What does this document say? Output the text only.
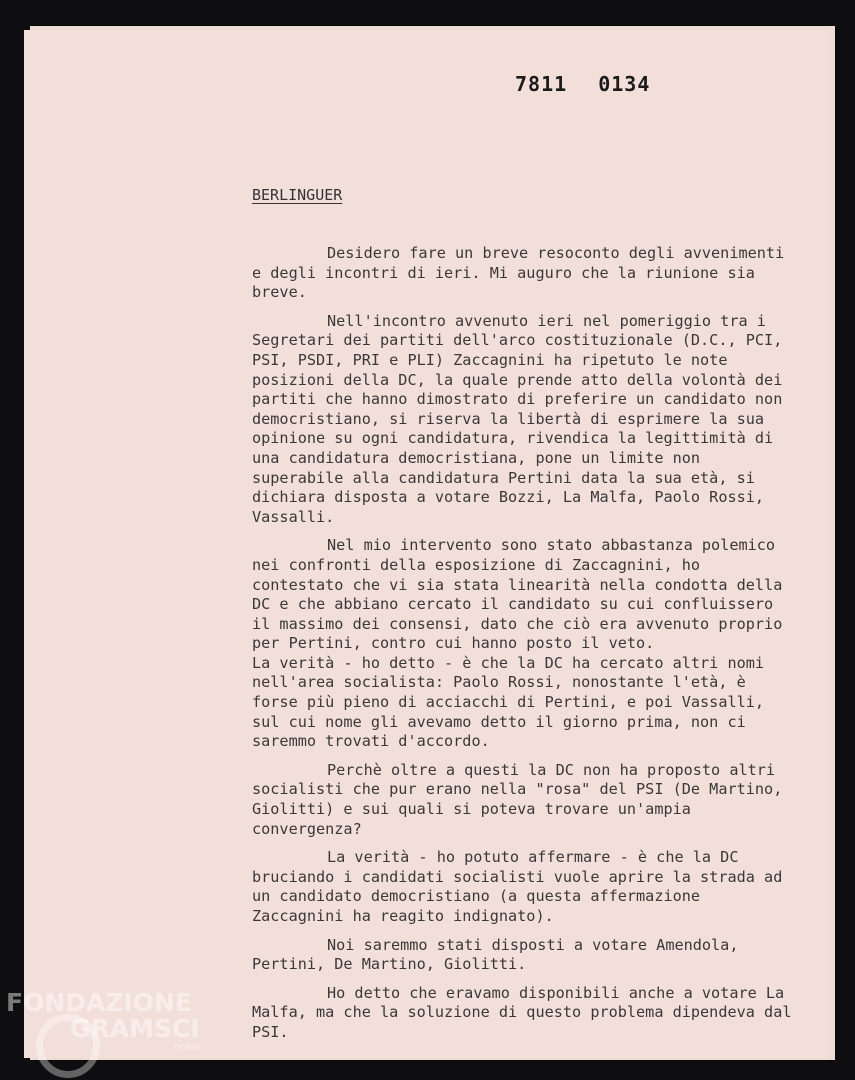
7811 0134
BERLINGUER

Desidero fare un breve resoconto degli avvenimenti e degli incontri di ieri. Mi auguro che la riunione sia breve.

Nell'incontro avvenuto ieri nel pomeriggio tra i Segretari dei partiti dell'arco costituzionale (D.C., PCI, PSI, PSDI, PRI e PLI) Zaccagnini ha ripetuto le note posizioni della DC, la quale prende atto della volontà dei partiti che hanno dimostrato di preferire un candidato non democristiano, si riserva la libertà di esprimere la sua opinione su ogni candidatura, rivendica la legittimità di una candidatura democristiana, pone un limite non superabile alla candidatura Pertini data la sua età, si dichiara disposta a votare Bozzi, La Malfa, Paolo Rossi, Vassalli.

Nel mio intervento sono stato abbastanza polemico nei confronti della esposizione di Zaccagnini, ho contestato che vi sia stata linearità nella condotta della DC e che abbiano cercato il candidato su cui confluissero il massimo dei consensi, dato che ciò era avvenuto proprio per Pertini, contro cui hanno posto il veto.

La verità - ho detto - è che la DC ha cercato altri nomi nell'area socialista: Paolo Rossi, nonostante l'età, è forse più pieno di acciacchi di Pertini, e poi Vassalli, sul cui nome gli avevamo detto il giorno prima, non ci saremmo trovati d'accordo.

Perchè oltre a questi la DC non ha proposto altri socialisti che pur erano nella "rosa" del PSI (De Martino, Giolitti) e sui quali si poteva trovare un'ampia convergenza?

La verità - ho potuto affermare - è che la DC bruciando i candidati socialisti vuole aprire la strada ad un candidato democristiano (a questa affermazione Zaccagnini ha reagito indignato).

Noi saremmo stati disposti a votare Amendola, Pertini, De Martino, Giolitti.

Ho detto che eravamo disponibili anche a votare La Malfa, ma che la soluzione di questo problema dipendeva dal PSI.

FONDAZIONE
GRAMSCI
onlus
